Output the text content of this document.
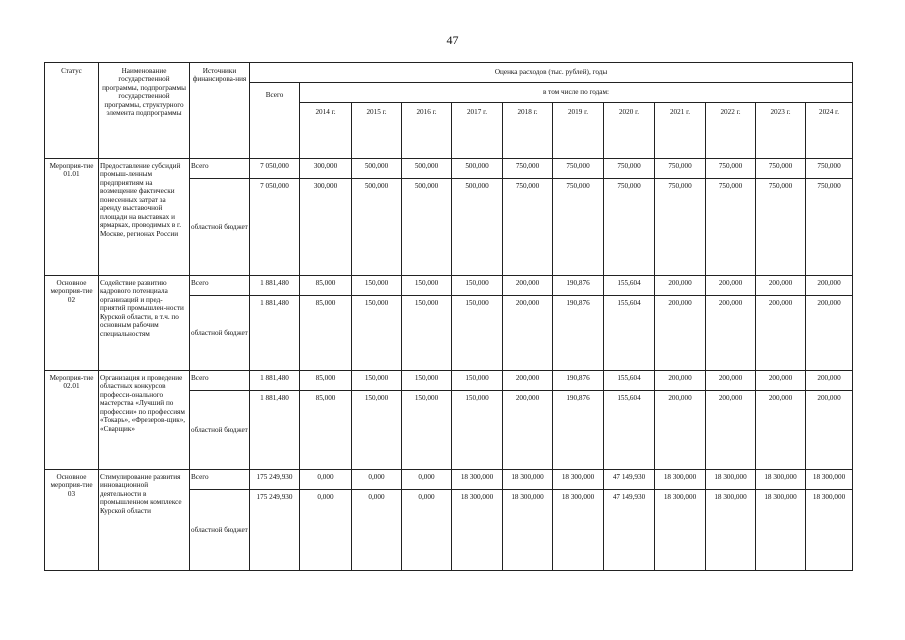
47
Статус	Наименование государственной программы, подпрограммы государственной программы, структурного элемента подпрограммы	Источники финансирова-ния	Оценка расходов (тыс. рублей), годы											
			Всего	в том числе по годам:										
				2014 г.	2015 г.	2016 г.	2017 г.	2018 г.	2019 г.	2020 г.	2021 г.	2022 г.	2023 г.	2024 г.
Мероприя-тие 01.01	Предоставление субсидий промыш-ленным предприятиям на возмещение фактически понесенных затрат за аренду выставочной площади на выставках и ярмарках, проводимых в г. Москве, регионах России	Всего	7 050,000	300,000	500,000	500,000	500,000	750,000	750,000	750,000	750,000	750,000	750,000	750,000
		областной бюджет	7 050,000	300,000	500,000	500,000	500,000	750,000	750,000	750,000	750,000	750,000	750,000	750,000
Основное мероприя-тие 02	Содействие развитию кадрового потенциала организаций и пред-приятий промышлен-ности Курской области, в т.ч. по основным рабочим специальностям	Всего	1 881,480	85,000	150,000	150,000	150,000	200,000	190,876	155,604	200,000	200,000	200,000	200,000
		областной бюджет	1 881,480	85,000	150,000	150,000	150,000	200,000	190,876	155,604	200,000	200,000	200,000	200,000
Мероприя-тие 02.01	Организация и проведение областных конкурсов професси-онального мастерства «Лучший по профессии» по профессиям «Токарь», «Фрезеров-щик», «Сварщик»	Всего	1 881,480	85,000	150,000	150,000	150,000	200,000	190,876	155,604	200,000	200,000	200,000	200,000
		областной бюджет	1 881,480	85,000	150,000	150,000	150,000	200,000	190,876	155,604	200,000	200,000	200,000	200,000
Основное мероприя-тие 03	Стимулирование развития инновационной деятельности в промышленном комплексе Курской области	Всего	175 249,930	0,000	0,000	0,000	18 300,000	18 300,000	18 300,000	47 149,930	18 300,000	18 300,000	18 300,000	18 300,000
		областной бюджет	175 249,930	0,000	0,000	0,000	18 300,000	18 300,000	18 300,000	47 149,930	18 300,000	18 300,000	18 300,000	18 300,000
